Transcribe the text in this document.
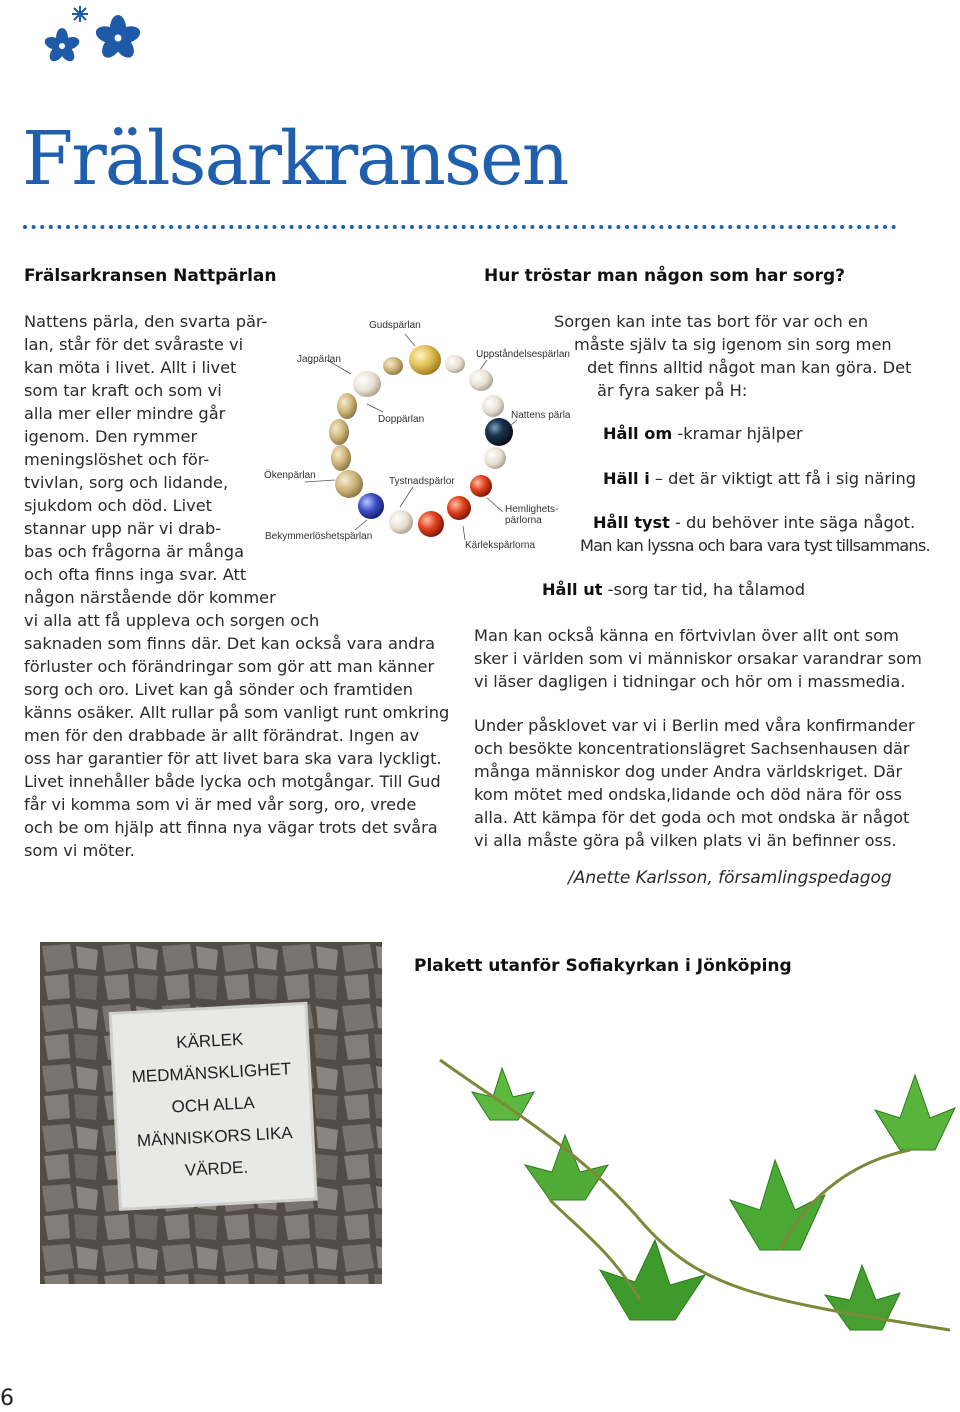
Frälsarkransen
Frälsarkransen Nattpärlan
Nattens pärla, den svarta pär-
lan, står för det svåraste vi
kan möta i livet. Allt i livet
som tar kraft och som vi
alla mer eller mindre går
igenom. Den rymmer
meningslöshet och för-
tvivlan, sorg och lidande,
sjukdom och död. Livet
stannar upp när vi drab-
bas och frågorna är många
och ofta finns inga svar. Att
någon närstående dör kommer
vi alla att få uppleva och sorgen och
saknaden som finns där. Det kan också vara andra
förluster och förändringar som gör att man känner
sorg och oro. Livet kan gå sönder och framtiden
känns osäker. Allt rullar på som vanligt runt omkring
men för den drabbade är allt förändrat. Ingen av
oss har garantier för att livet bara ska vara lyckligt.
Livet innehåller både lycka och motgångar. Till Gud
får vi komma som vi är med vår sorg, oro, vrede
och be om hjälp att finna nya vägar trots det svåra
som vi möter.
Gudspärlan
Jagpärlan	Uppståndelsespärlan
Doppärlan	Nattens pärla
Ökenpärlan
Tystnadspärlor
Hemlighets-
pärlorna
Bekymmerlöshetspärlan
Kärlekspärlorna
Hur tröstar man någon som har sorg?
Sorgen kan inte tas bort för var och en
måste själv ta sig igenom sin sorg men
det finns alltid något man kan göra. Det
är fyra saker på H:
Håll om -kramar hjälper
Häll i – det är viktigt att få i sig näring
Håll tyst - du behöver inte säga något.
Man kan lyssna och bara vara tyst tillsammans.
Håll ut -sorg tar tid, ha tålamod
Man kan också känna en förtvivlan över allt ont som
sker i världen som vi människor orsakar varandrar som
vi läser dagligen i tidningar och hör om i massmedia.
Under påsklovet var vi i Berlin med våra konfirmander
och besökte koncentrationslägret Sachsenhausen där
många människor dog under Andra världskriget. Där
kom mötet med ondska,lidande och död nära för oss
alla. Att kämpa för det goda och mot ondska är något
vi alla måste göra på vilken plats vi än befinner oss.
/Anette Karlsson, församlingspedagog
KÄRLEK
MEDMÄNSKLIGHET
OCH ALLA
MÄNNISKORS LIKA
VÄRDE.
Plakett utanför Sofiakyrkan i Jönköping
6
